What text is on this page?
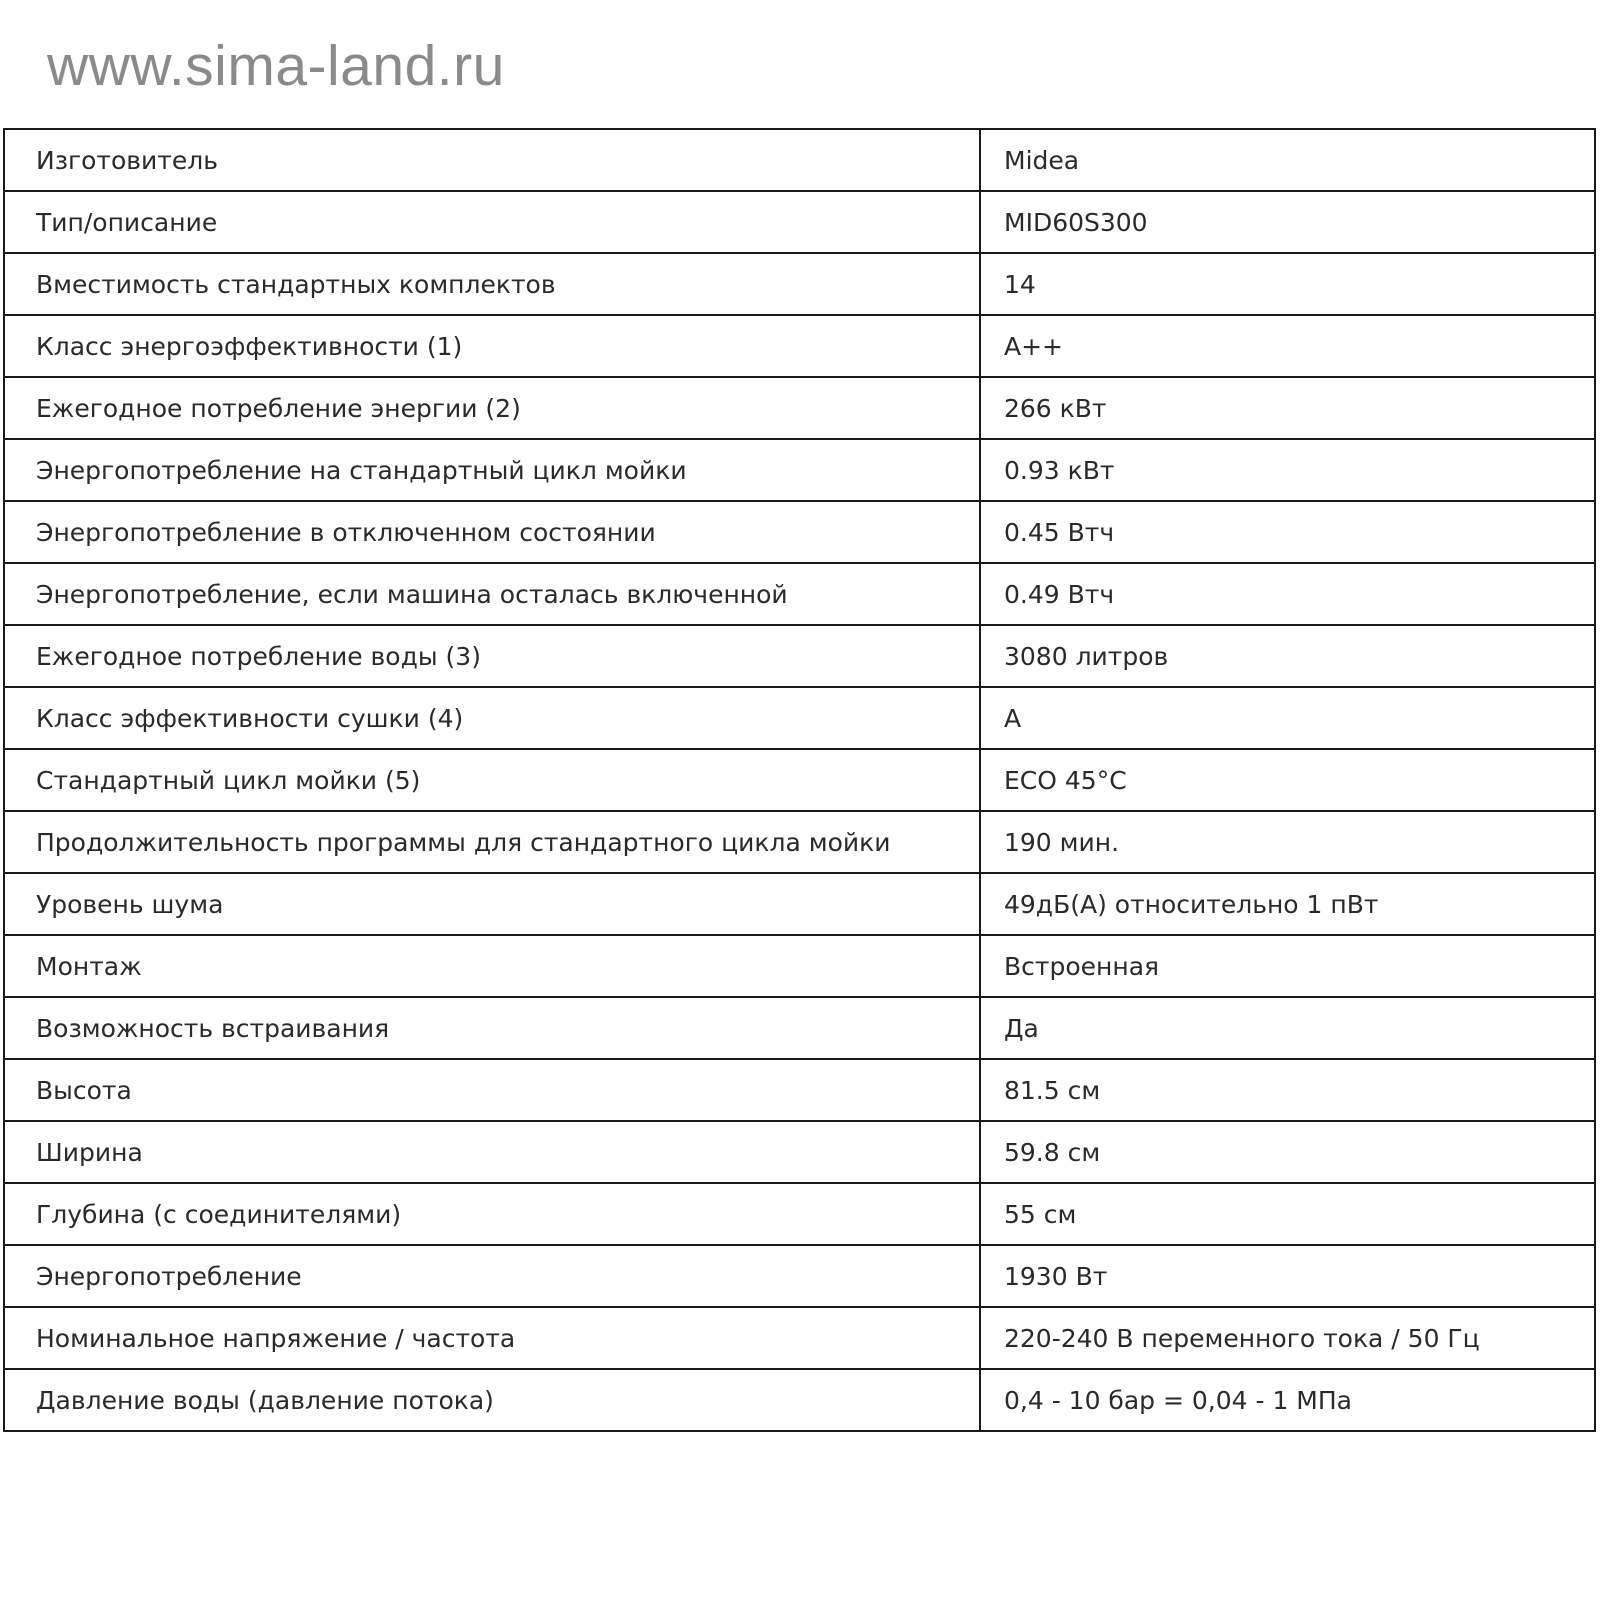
www.sima-land.ru
Изготовитель	Midea
Тип/описание	MID60S300
Вместимость стандартных комплектов	14
Класс энергоэффективности (1)	A++
Ежегодное потребление энергии (2)	266 кВт
Энергопотребление на стандартный цикл мойки	0.93 кВт
Энергопотребление в отключенном состоянии	0.45 Втч
Энергопотребление, если машина осталась включенной	0.49 Втч
Ежегодное потребление воды (3)	3080 литров
Класс эффективности сушки (4)	A
Стандартный цикл мойки (5)	ECO 45°C
Продолжительность программы для стандартного цикла мойки	190 мин.
Уровень шума	49дБ(А) относительно 1 пВт
Монтаж	Встроенная
Возможность встраивания	Да
Высота	81.5 см
Ширина	59.8 см
Глубина (с соединителями)	55 см
Энергопотребление	1930 Вт
Номинальное напряжение / частота	220-240 В переменного тока / 50 Гц
Давление воды (давление потока)	0,4 - 10 бар = 0,04 - 1 МПа
